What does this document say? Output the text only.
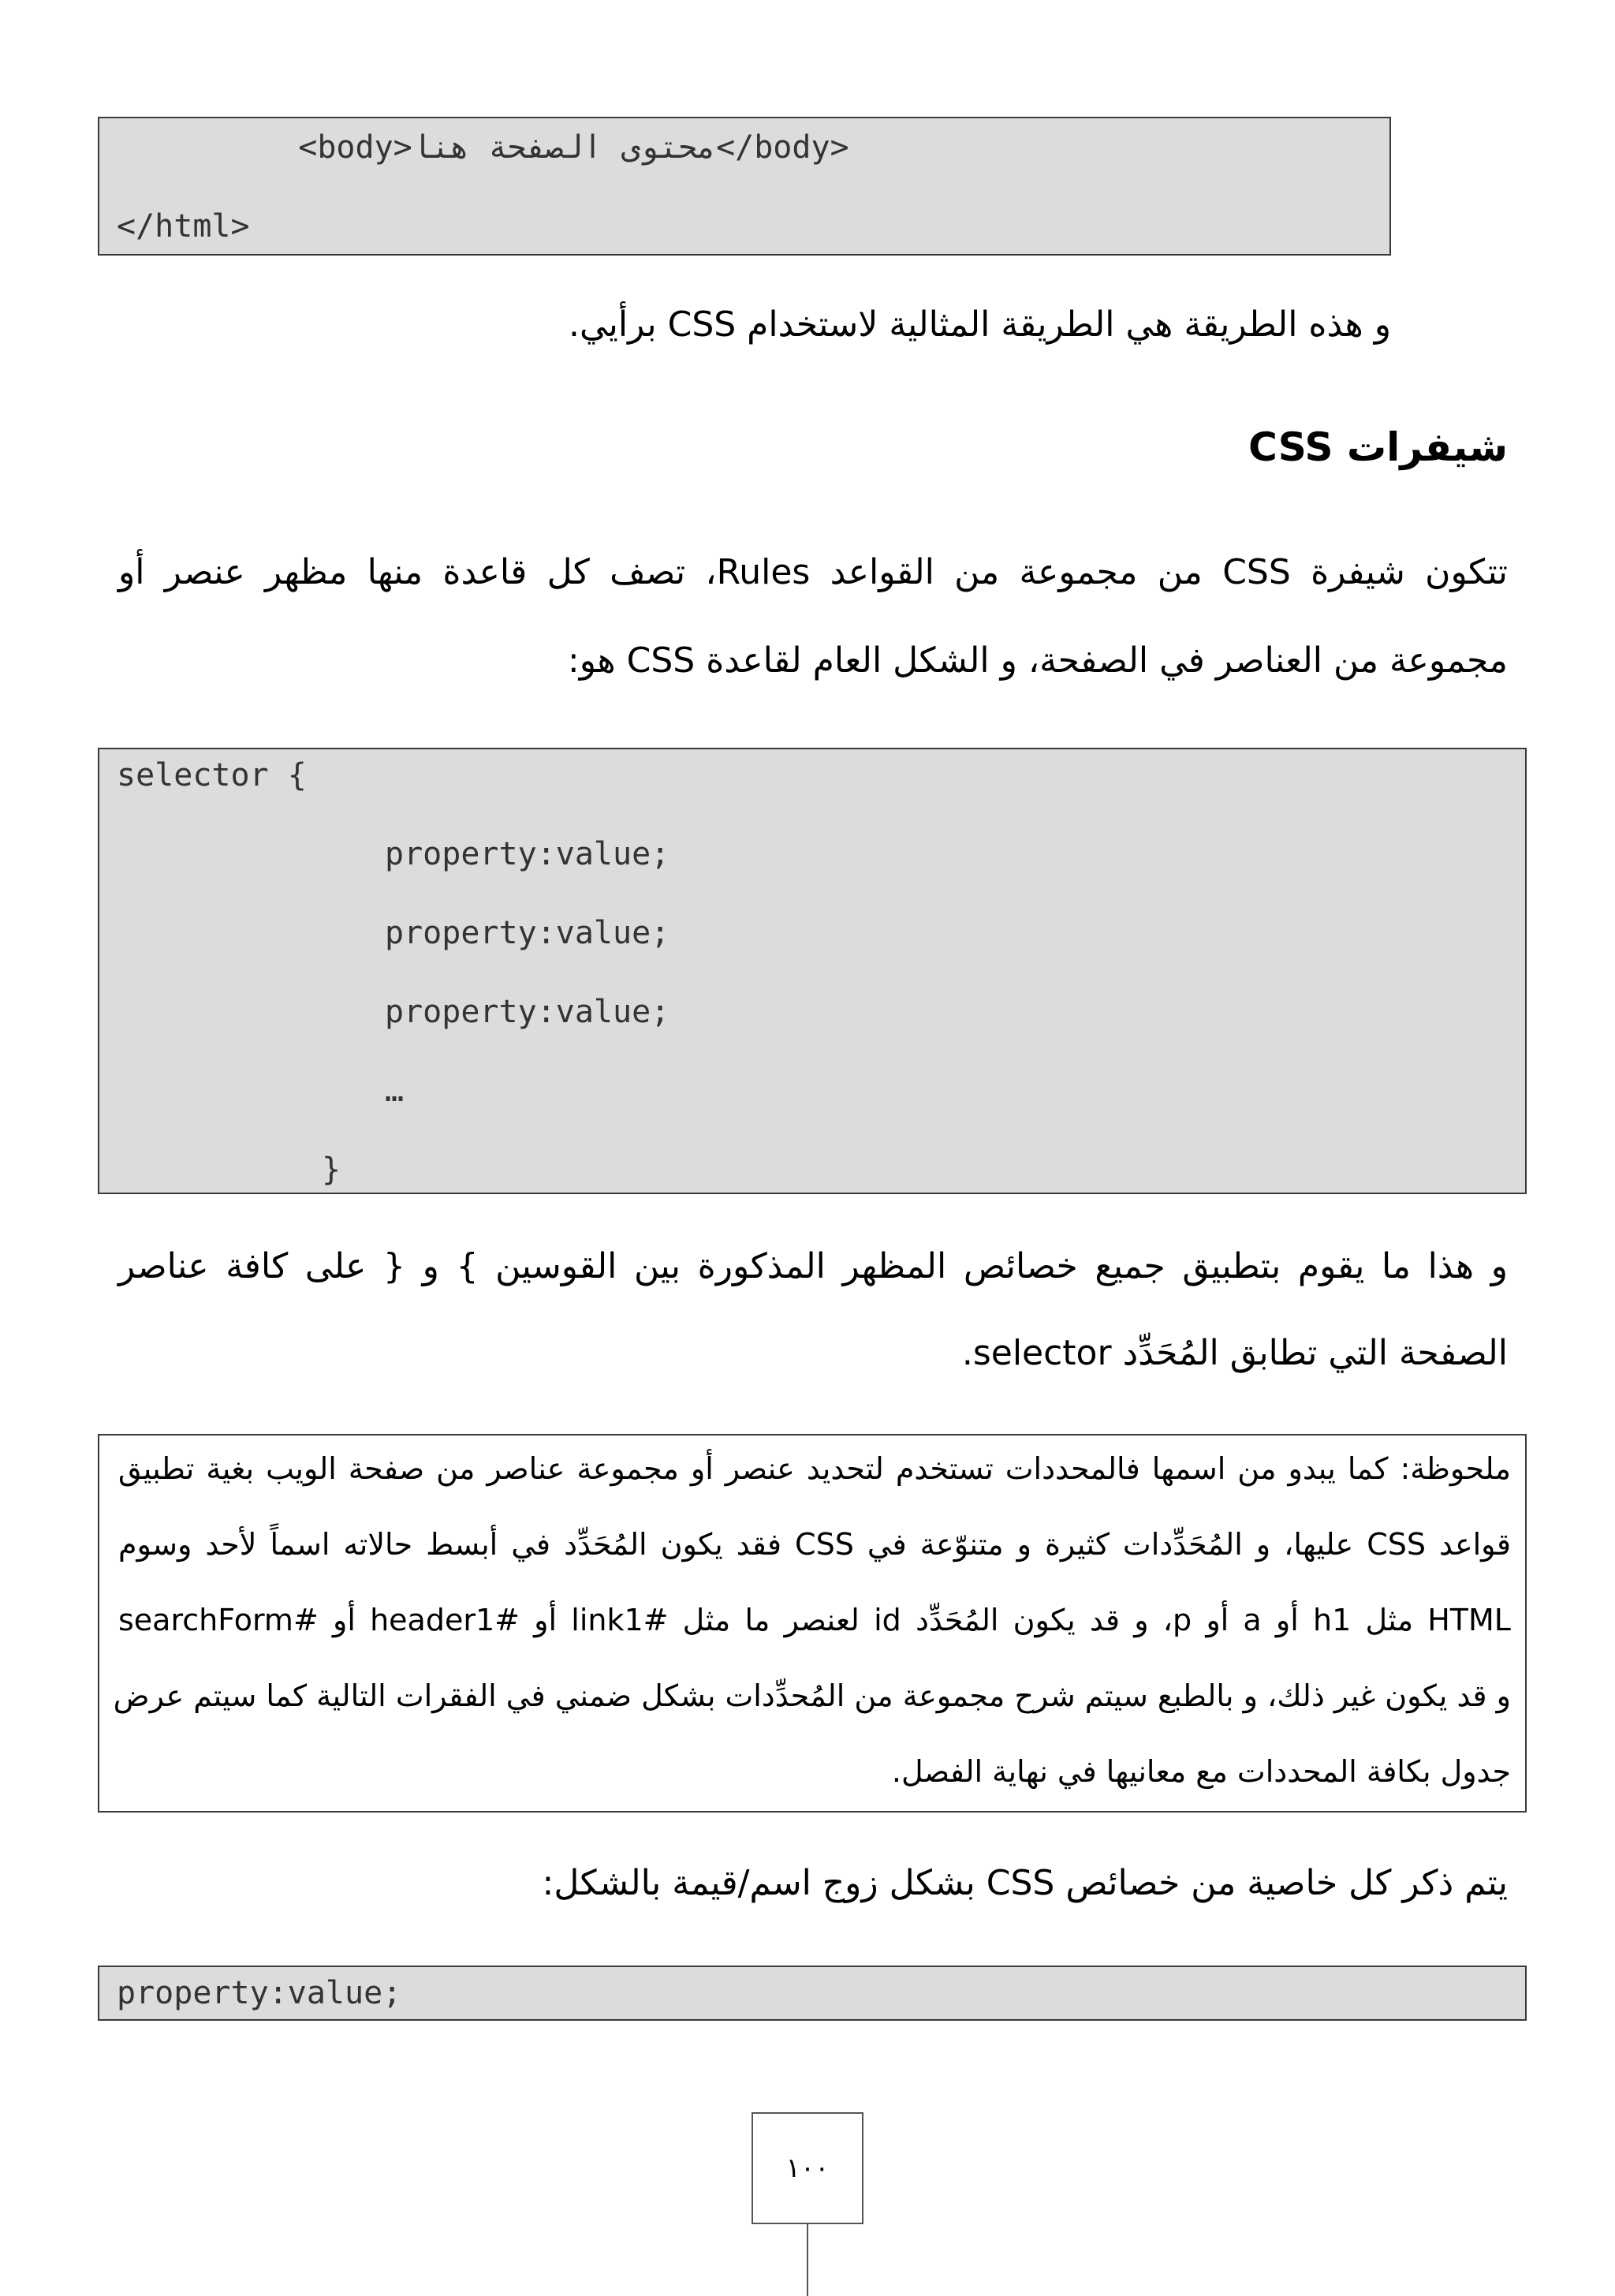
<body>محتوى الصفحة هنا</body>
</html>
و هذه الطريقة هي الطريقة المثالية لاستخدام CSS برأيي.
شيفرات CSS
تتكون شيفرة CSS من مجموعة من القواعد Rules، تصف كل قاعدة منها مظهر عنصر أو
مجموعة من العناصر في الصفحة، و الشكل العام لقاعدة CSS هو:
selector {
property:value;
property:value;
property:value;
…
}
و هذا ما يقوم بتطبيق جميع خصائص المظهر المذكورة بين القوسين } و { على كافة عناصر
الصفحة التي تطابق المُحَدِّد selector.
ملحوظة: كما يبدو من اسمها فالمحددات تستخدم لتحديد عنصر أو مجموعة عناصر من صفحة الويب بغية تطبيق
قواعد CSS عليها، و المُحَدِّدات كثيرة و متنوّعة في CSS فقد يكون المُحَدِّد في أبسط حالاته اسماً لأحد وسوم
HTML مثل h1 أو a أو p، و قد يكون المُحَدِّد id لعنصر ما مثل #link1 أو #header1 أو #searchForm
و قد يكون غير ذلك، و بالطبع سيتم شرح مجموعة من المُحدِّدات بشكل ضمني في الفقرات التالية كما سيتم عرض
جدول بكافة المحددات مع معانيها في نهاية الفصل.
يتم ذكر كل خاصية من خصائص CSS بشكل زوج اسم/قيمة بالشكل:
property:value;
١٠٠
